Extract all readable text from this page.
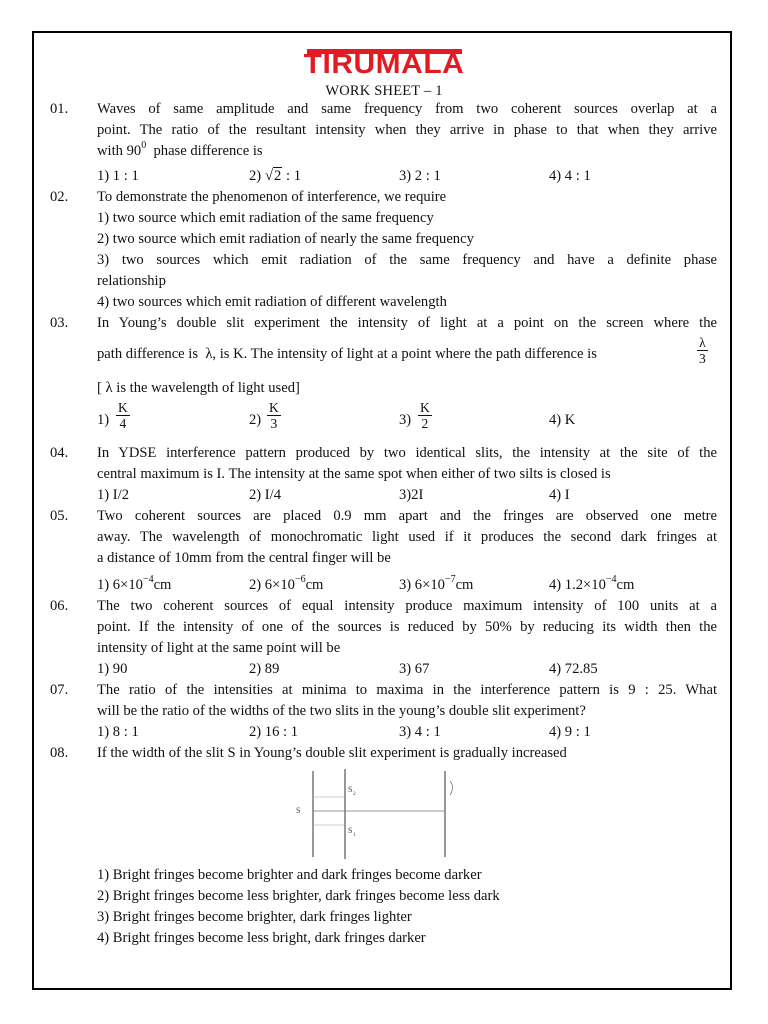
TIRUMALA
WORK SHEET – 1
01. Waves of same amplitude and same frequency from two coherent sources overlap at a
point. The ratio of the resultant intensity when they arrive in phase to that when they arrive
with $90^0$ phase difference is
1) 1 : 1	2) √2 : 1	3) 2 : 1	4) 4 : 1
02. To demonstrate the phenomenon of interference, we require
1) two source which emit radiation of the same frequency
2) two source which emit radiation of nearly the same frequency
3) two sources which emit radiation of the same frequency and have a definite phase
relationship
4) two sources which emit radiation of different wavelength
03. In Young’s double slit experiment the intensity of light at a point on the screen where the
path difference is λ, is K. The intensity of light at a point where the path difference is	$\frac{\lambda}{3}$
[ λ is the wavelength of light used]
$1) \frac{K}{4}$	$2) \frac{K}{3}$	$3) \frac{K}{2}$	4) K
04. In YDSE interference pattern produced by two identical slits, the intensity at the site of the
central maximum is I. The intensity at the same spot when either of two silts is closed is
1) I/2	2) I/4	3)2I	4) I
05. Two coherent sources are placed 0.9 mm apart and the fringes are observed one metre
away. The wavelength of monochromatic light used if it produces the second dark fringes at
a distance of 10mm from the central finger will be
1) $6\times 10^{-4}cm$	2) $6\times 10^{-6}cm$	3) $6\times 10^{-7}cm$	4) $1.2\times 10^{-4}cm$
06. The two coherent sources of equal intensity produce maximum intensity of 100 units at a
point. If the intensity of one of the sources is reduced by 50% by reducing its width then the
intensity of light at the same point will be
1) 90	2) 89	3) 67	4) 72.85
07. The ratio of the intensities at minima to maxima in the interference pattern is 9 : 25. What
will be the ratio of the widths of the two slits in the young’s double slit experiment?
1) 8 : 1	2) 16 : 1	3) 4 : 1	4) 9 : 1
08. If the width of the slit S in Young’s double slit experiment is gradually increased
S
S 2
S 1
1) Bright fringes become brighter and dark fringes become darker
2) Bright fringes become less brighter, dark fringes become less dark
3) Bright fringes become brighter, dark fringes lighter
4) Bright fringes become less bright, dark fringes darker
